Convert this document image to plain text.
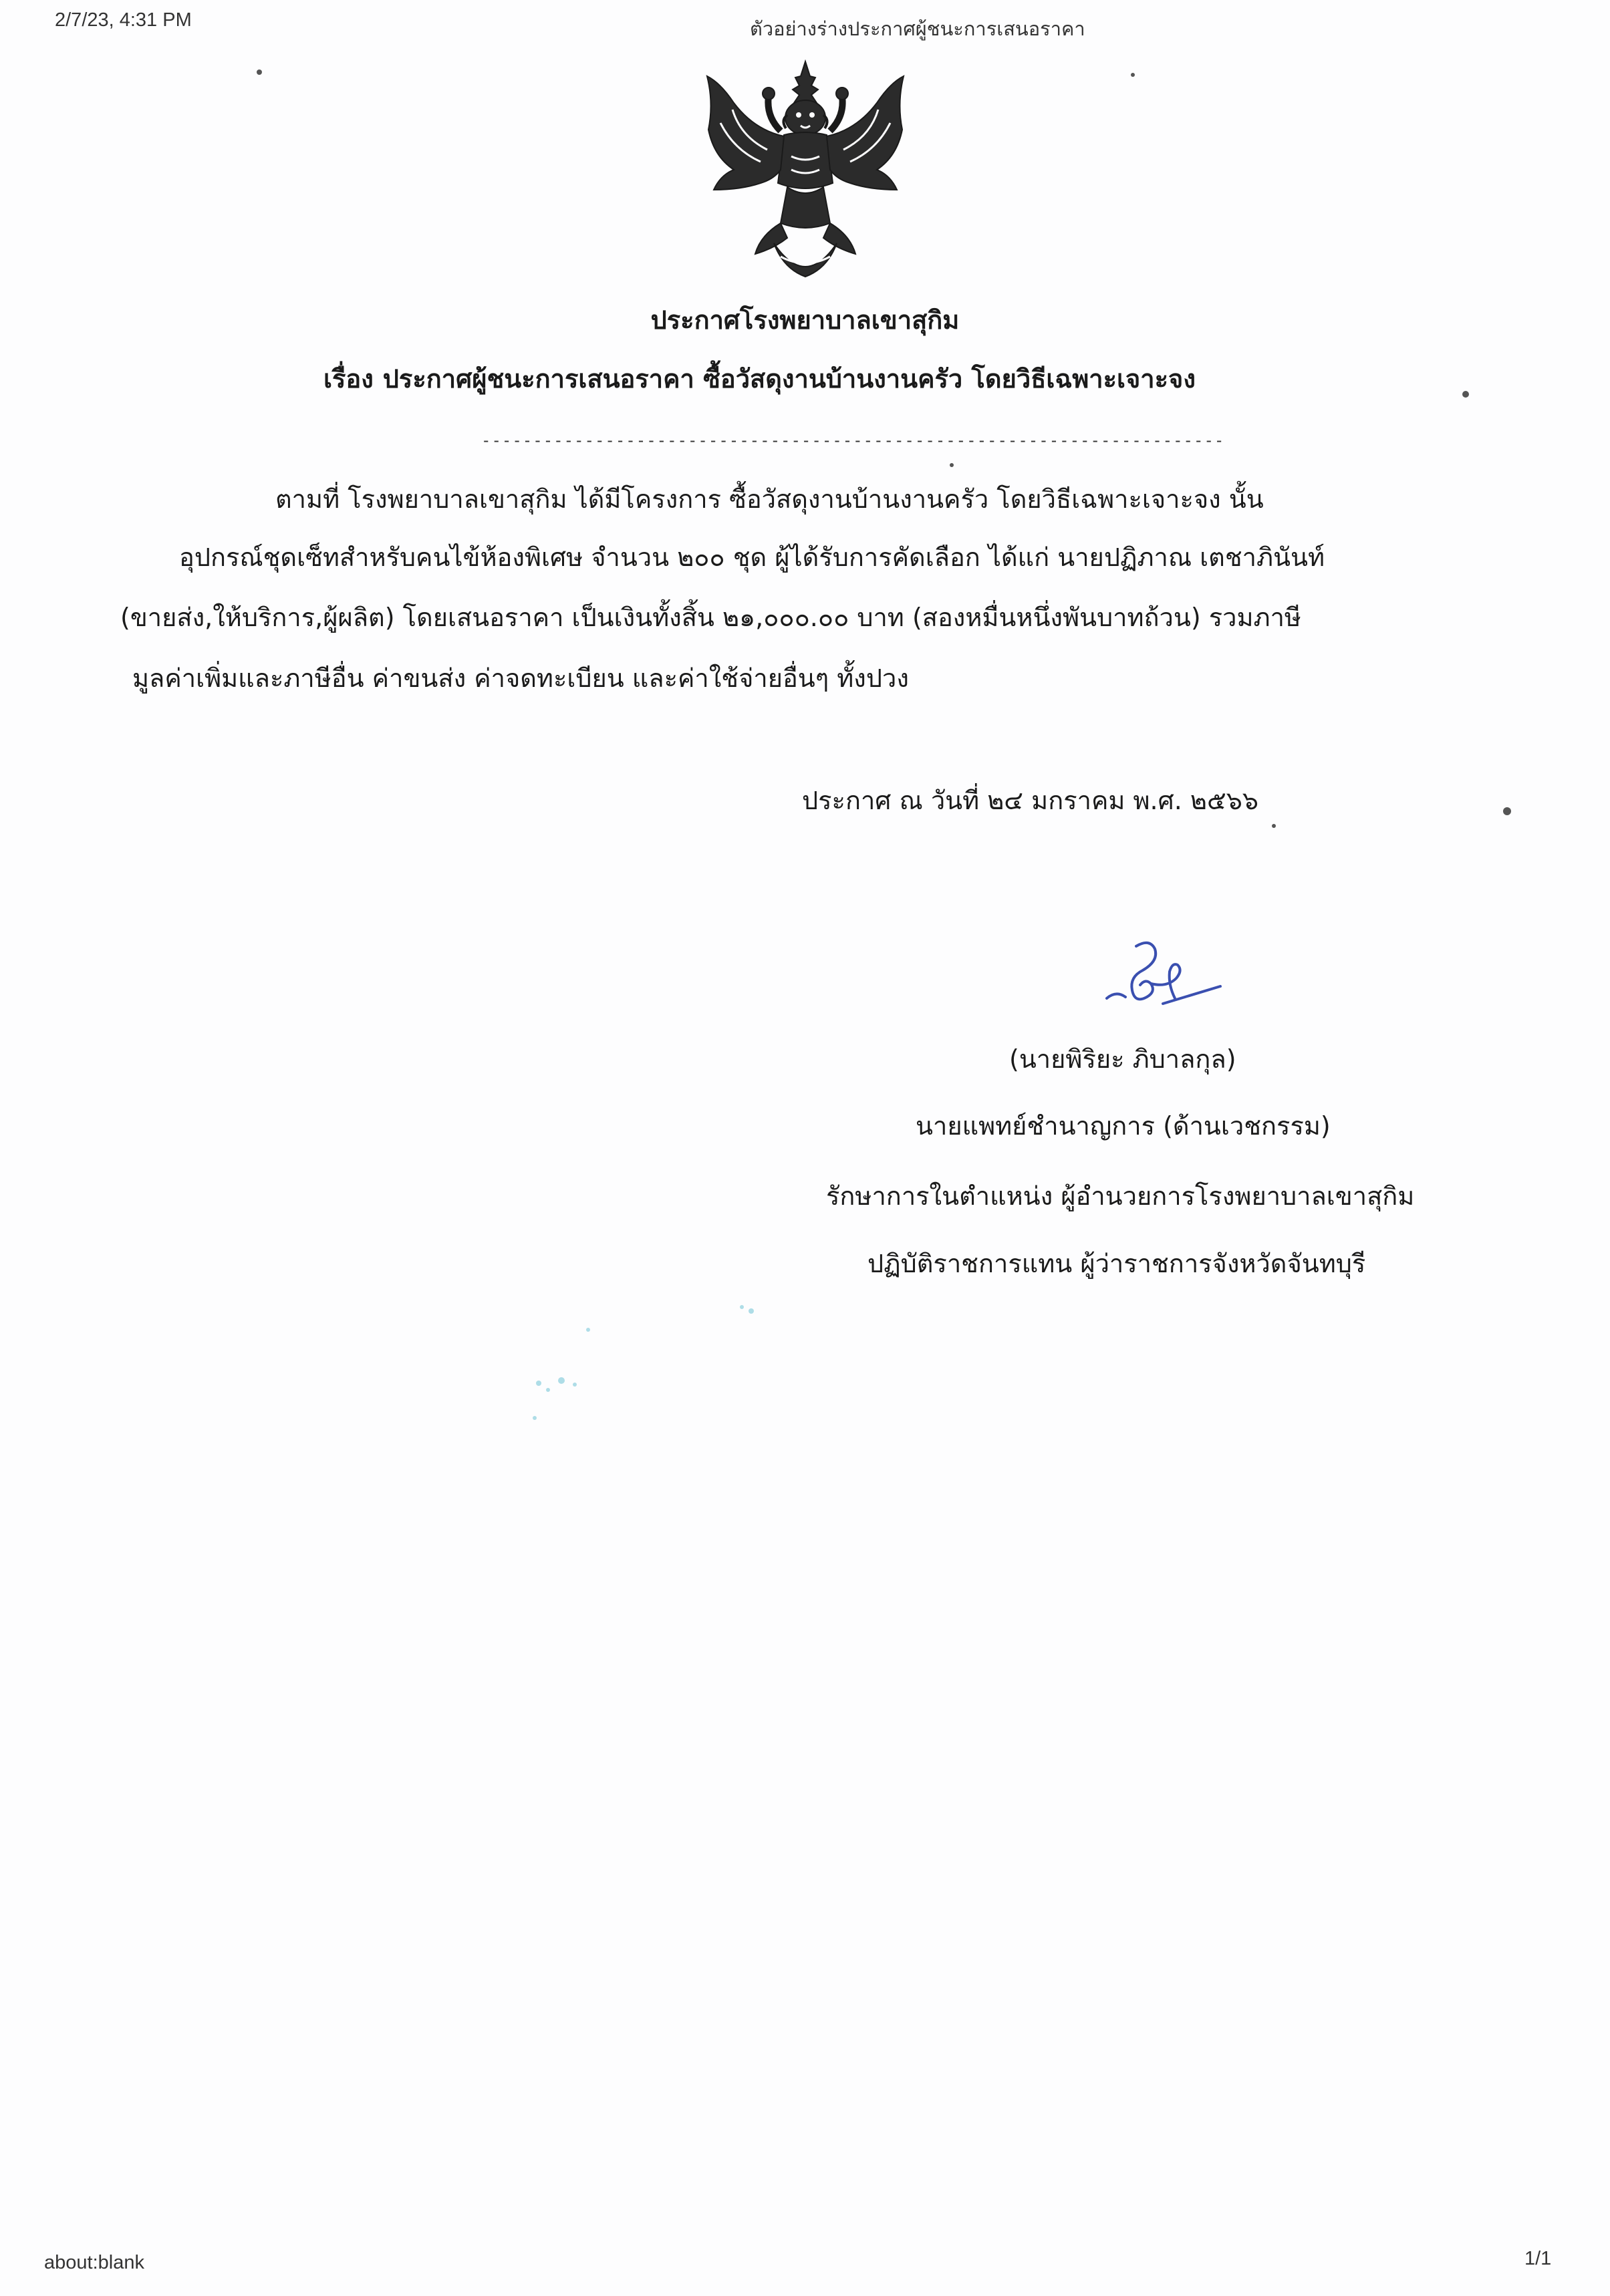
2/7/23, 4:31 PM	ตัวอย่างร่างประกาศผู้ชนะการเสนอราคา
ประกาศโรงพยาบาลเขาสุกิม
เรื่อง ประกาศผู้ชนะการเสนอราคา ซื้อวัสดุงานบ้านงานครัว โดยวิธีเฉพาะเจาะจง
------------------------------------------------------------------------
ตามที่ โรงพยาบาลเขาสุกิม ได้มีโครงการ ซื้อวัสดุงานบ้านงานครัว โดยวิธีเฉพาะเจาะจง นั้น
อุปกรณ์ชุดเซ็ทสำหรับคนไข้ห้องพิเศษ จำนวน ๒๐๐ ชุด ผู้ได้รับการคัดเลือก ได้แก่ นายปฏิภาณ เตชาภินันท์
(ขายส่ง,ให้บริการ,ผู้ผลิต) โดยเสนอราคา เป็นเงินทั้งสิ้น ๒๑,๐๐๐.๐๐ บาท (สองหมื่นหนึ่งพันบาทถ้วน) รวมภาษี
มูลค่าเพิ่มและภาษีอื่น ค่าขนส่ง ค่าจดทะเบียน และค่าใช้จ่ายอื่นๆ ทั้งปวง
ประกาศ ณ วันที่ ๒๔ มกราคม พ.ศ. ๒๕๖๖
(นายพิริยะ ภิบาลกุล)
นายแพทย์ชำนาญการ (ด้านเวชกรรม)
รักษาการในตำแหน่ง ผู้อำนวยการโรงพยาบาลเขาสุกิม
ปฏิบัติราชการแทน ผู้ว่าราชการจังหวัดจันทบุรี
about:blank	1/1
